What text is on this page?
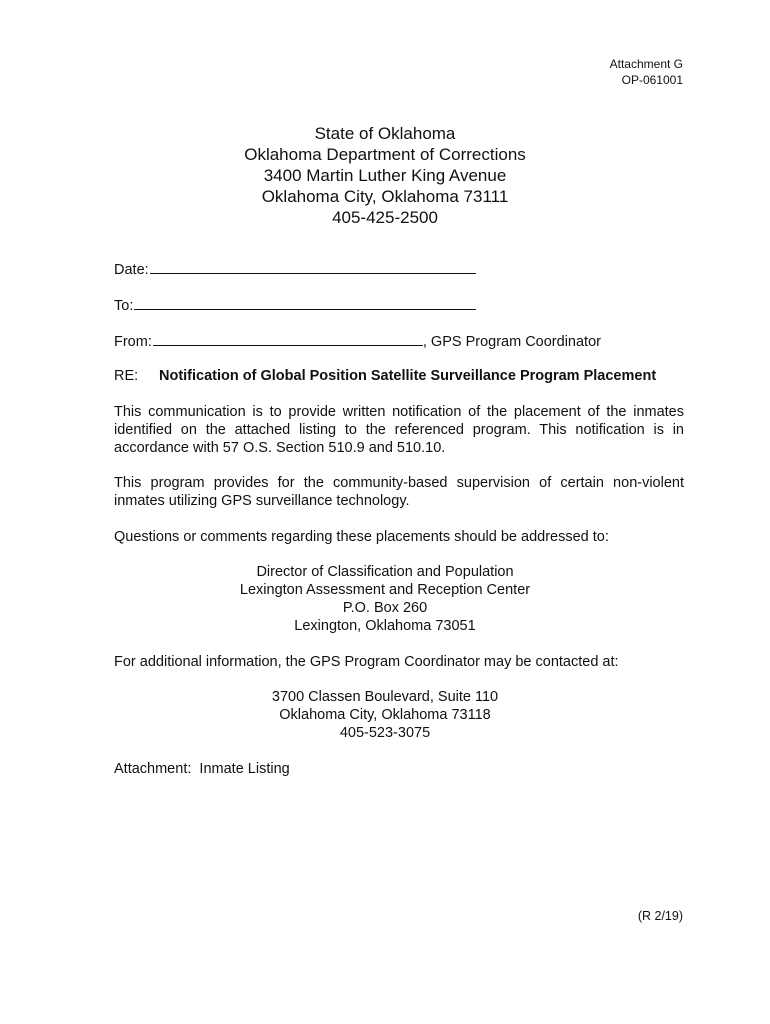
Attachment G
OP-061001
State of Oklahoma
Oklahoma Department of Corrections
3400 Martin Luther King Avenue
Oklahoma City, Oklahoma 73111
405-425-2500
Date:
To:
From:	, GPS Program Coordinator
RE: Notification of Global Position Satellite Surveillance Program Placement
This communication is to provide written notification of the placement of the inmates
identified on the attached listing to the referenced program. This notification is in
accordance with 57 O.S. Section 510.9 and 510.10.
This program provides for the community-based supervision of certain non-violent
inmates utilizing GPS surveillance technology.
Questions or comments regarding these placements should be addressed to:
Director of Classification and Population
Lexington Assessment and Reception Center
P.O. Box 260
Lexington, Oklahoma 73051
For additional information, the GPS Program Coordinator may be contacted at:
3700 Classen Boulevard, Suite 110
Oklahoma City, Oklahoma 73118
405-523-3075
Attachment:  Inmate Listing
(R 2/19)
